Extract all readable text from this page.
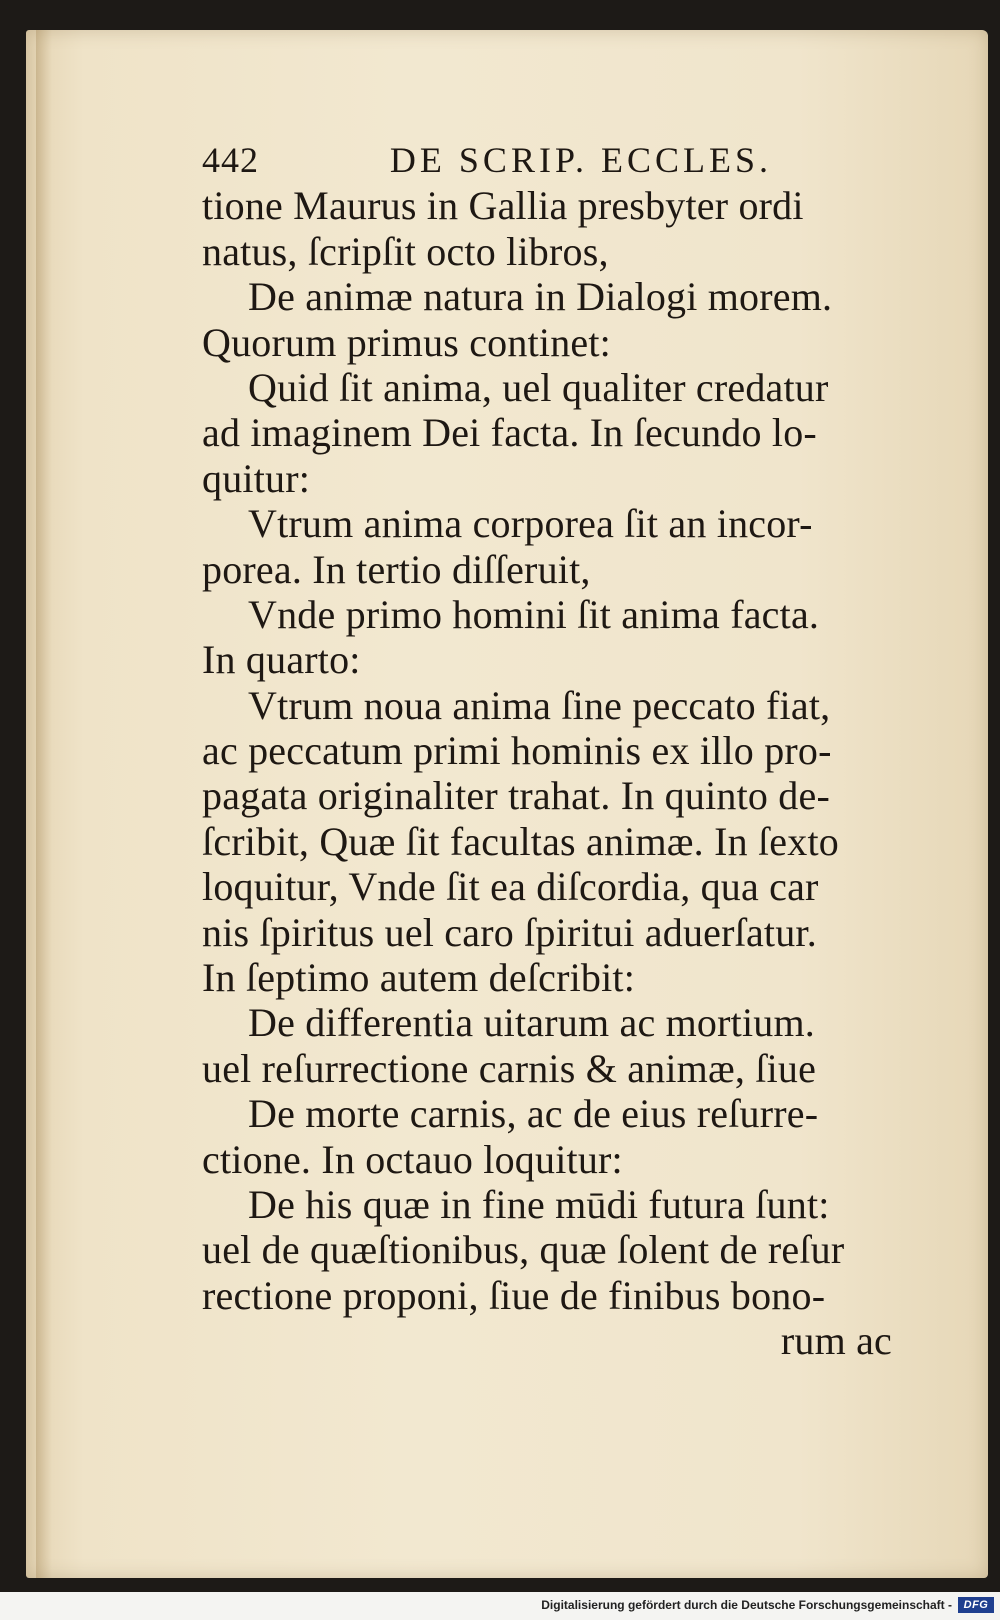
442	DE SCRIP. ECCLES.
tione Maurus in Gallia presbyter ordi
natus, ſcripſit octo libros,
De animæ natura in Dialogi morem.
Quorum primus continet:
Quid ſit anima, uel qualiter credatur
ad imaginem Dei facta. In ſecundo lo-
quitur:
Vtrum anima corporea ſit an incor-
porea. In tertio diſſeruit,
Vnde primo homini ſit anima facta.
In quarto:
Vtrum noua anima ſine peccato fiat,
ac peccatum primi hominis ex illo pro-
pagata originaliter trahat. In quinto de-
ſcribit, Quæ ſit facultas animæ. In ſexto
loquitur, Vnde ſit ea diſcordia, qua car
nis ſpiritus uel caro ſpiritui aduerſatur.
In ſeptimo autem deſcribit:
De differentia uitarum ac mortium.
uel reſurrectione carnis & animæ, ſiue
De morte carnis, ac de eius reſurre-
ctione. In octauo loquitur:
De his quæ in fine mūdi futura ſunt:
uel de quæſtionibus, quæ ſolent de reſur
rectione proponi, ſiue de finibus bono-
rum ac
Digitalisierung gefördert durch die Deutsche Forschungsgemeinschaft -	DFG
